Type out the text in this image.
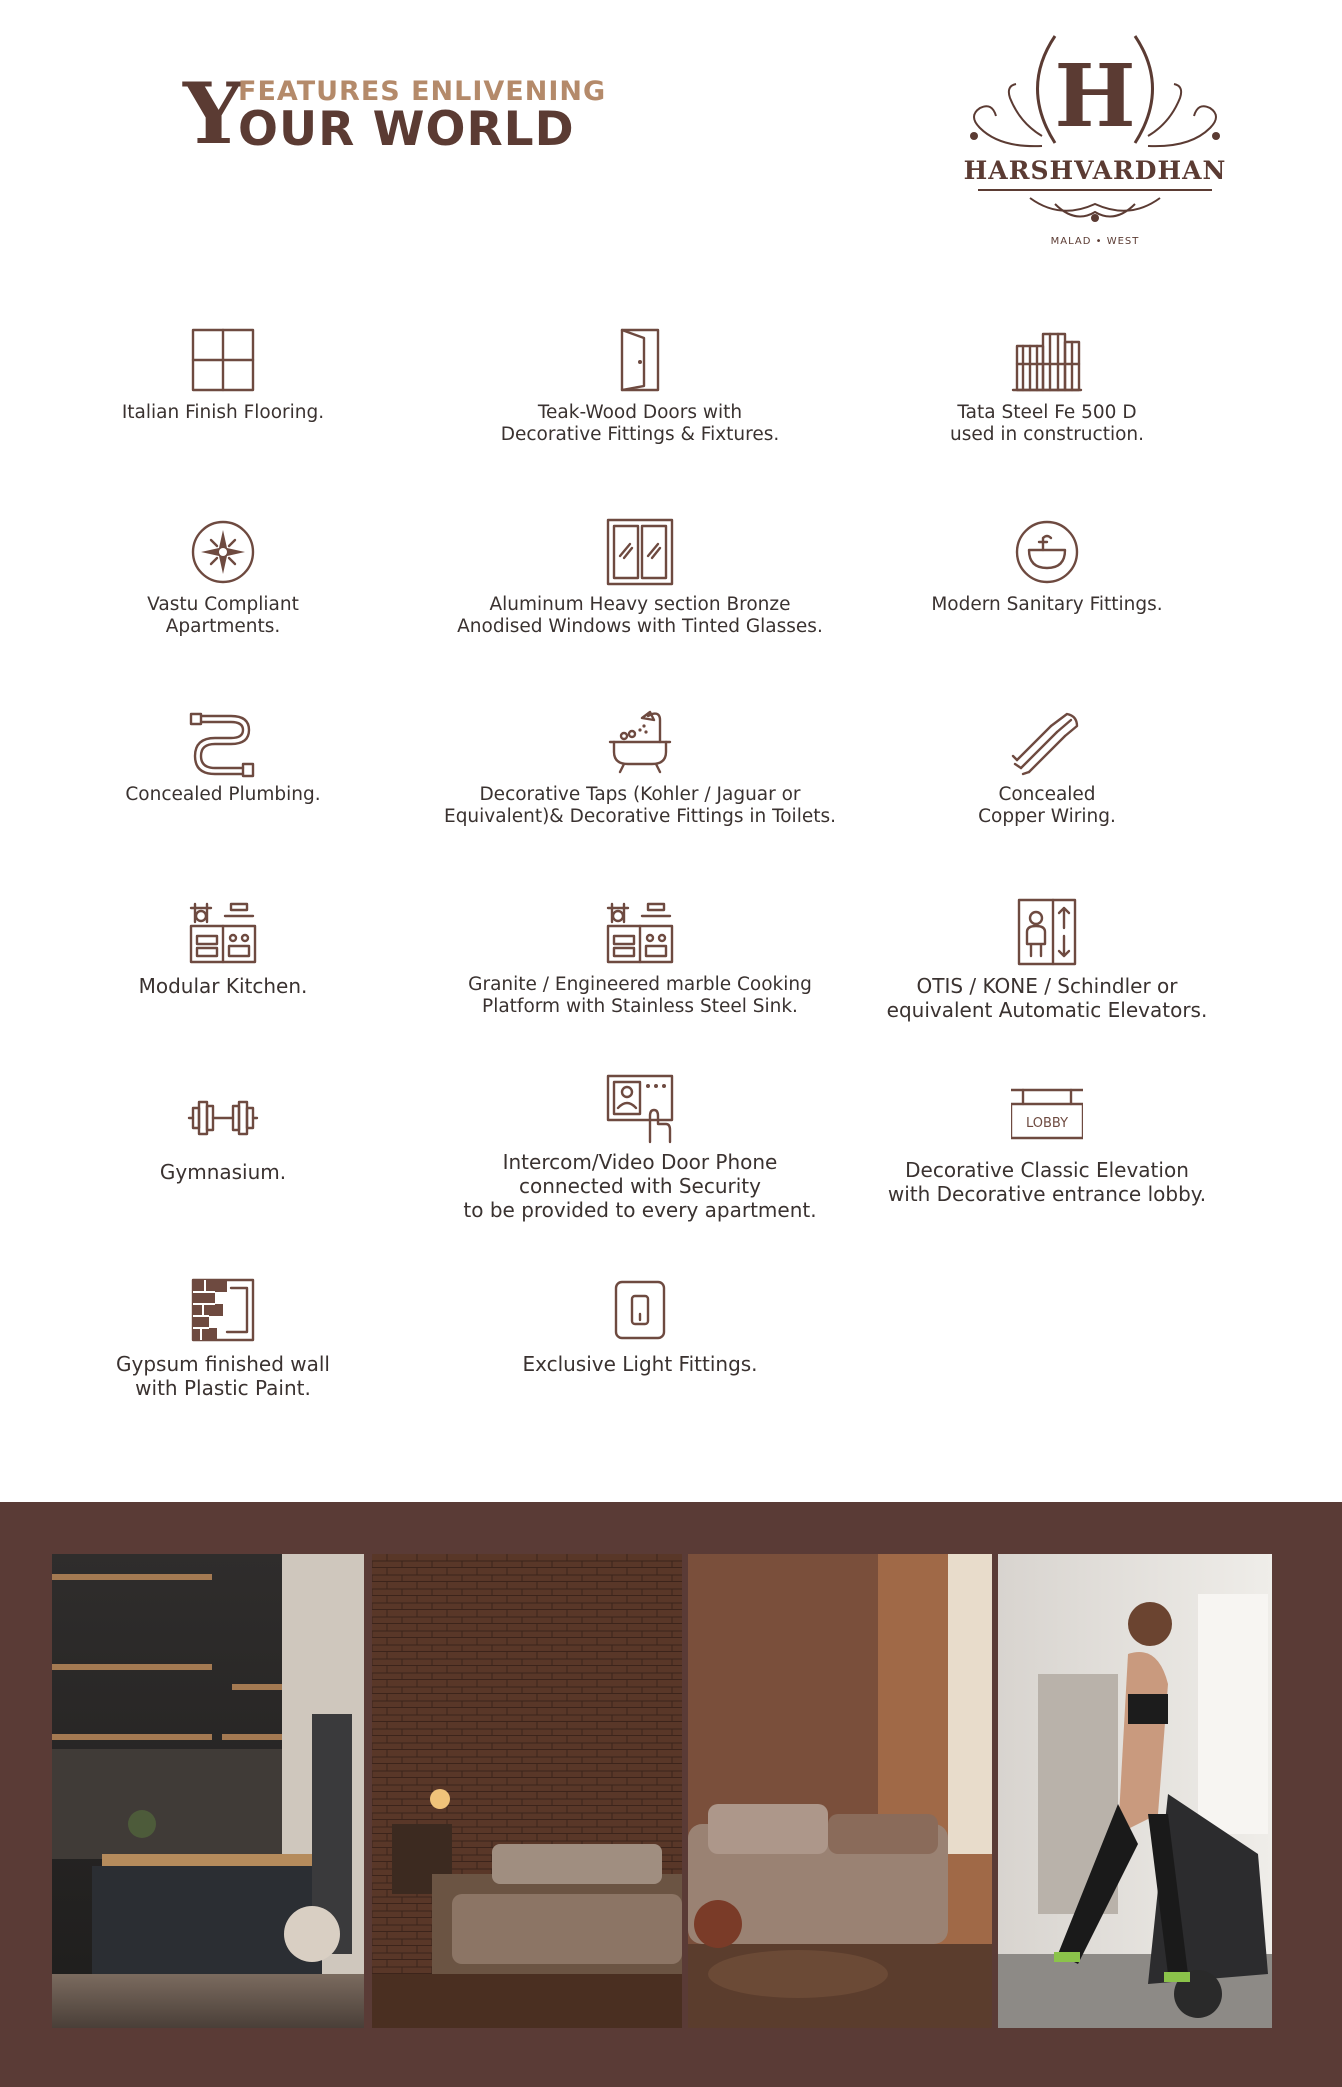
Y
FEATURES ENLIVENING
OUR WORLD	H
HARSHVARDHAN
MALAD • WEST
Italian Finish Flooring.	Teak-Wood Doors with
Decorative Fittings & Fixtures.
Tata Steel Fe 500 D
used in construction.
Vastu Compliant
Apartments.
Aluminum Heavy section Bronze
Anodised Windows with Tinted Glasses.
Modern Sanitary Fittings.
Concealed Plumbing.	Decorative Taps (Kohler / Jaguar or
Equivalent)& Decorative Fittings in Toilets.
Concealed
Copper Wiring.
Modular Kitchen.	Granite / Engineered marble Cooking
Platform with Stainless Steel Sink.
OTIS / KONE / Schindler or
equivalent Automatic Elevators.
Gymnasium.	Intercom/Video Door Phone
connected with Security
to be provided to every apartment.
LOBBY
Decorative Classic Elevation
with Decorative entrance lobby.
Gypsum finished wall
with Plastic Paint.
Exclusive Light Fittings.
